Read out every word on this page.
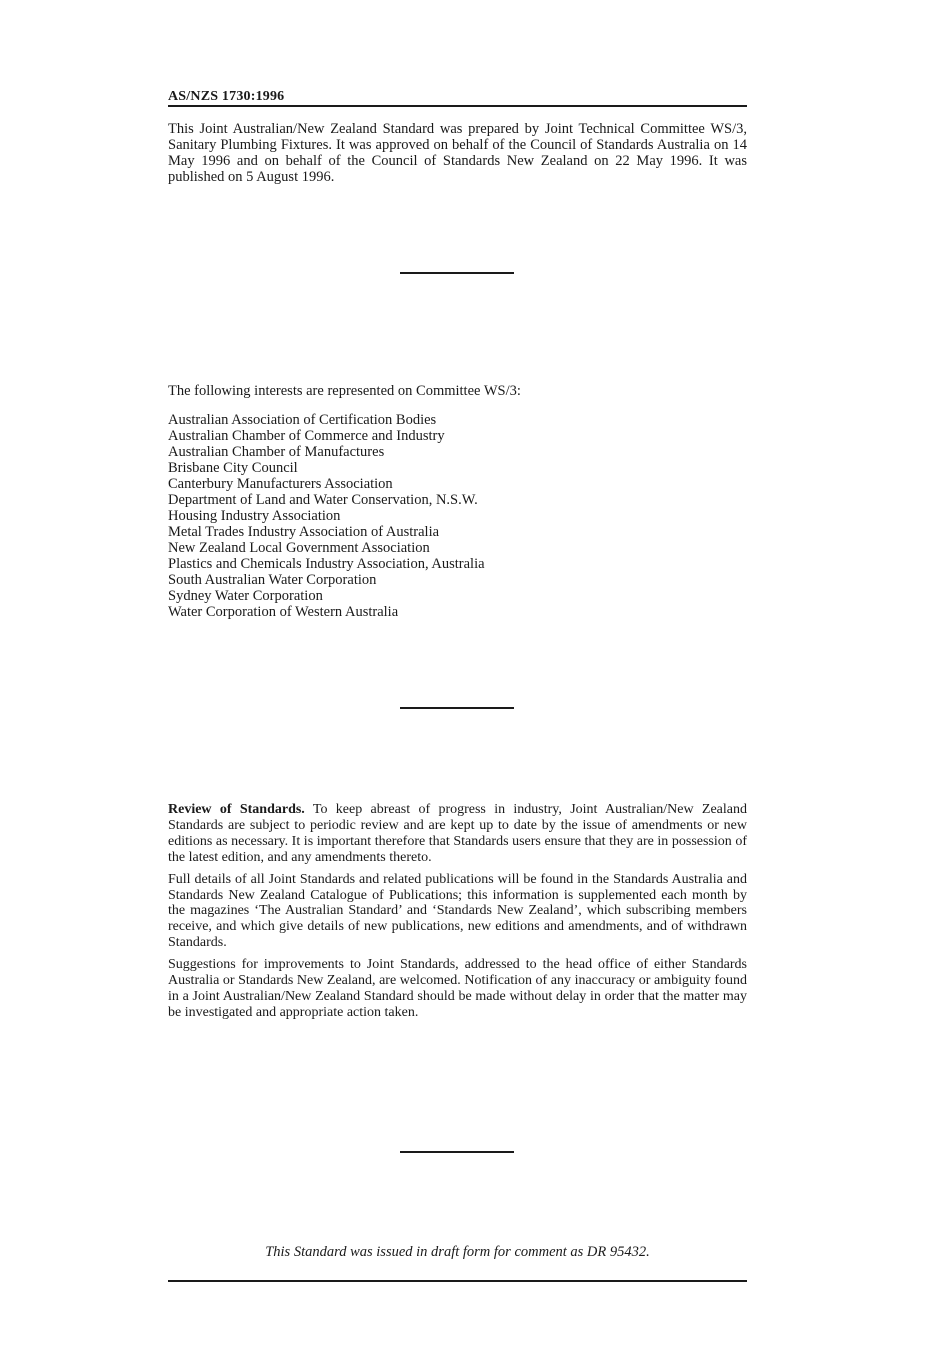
AS/NZS 1730:1996

This Joint Australian/New Zealand Standard was prepared by Joint Technical Committee WS/3, Sanitary Plumbing Fixtures. It was approved on behalf of the Council of Standards Australia on 14 May 1996 and on behalf of the Council of Standards New Zealand on 22 May 1996. It was published on 5 August 1996.

The following interests are represented on Committee WS/3:

Australian Association of Certification Bodies
Australian Chamber of Commerce and Industry
Australian Chamber of Manufactures
Brisbane City Council
Canterbury Manufacturers Association
Department of Land and Water Conservation, N.S.W.
Housing Industry Association
Metal Trades Industry Association of Australia
New Zealand Local Government Association
Plastics and Chemicals Industry Association, Australia
South Australian Water Corporation
Sydney Water Corporation
Water Corporation of Western Australia

Review of Standards. To keep abreast of progress in industry, Joint Australian/New Zealand Standards are subject to periodic review and are kept up to date by the issue of amendments or new editions as necessary. It is important therefore that Standards users ensure that they are in possession of the latest edition, and any amendments thereto.

Full details of all Joint Standards and related publications will be found in the Standards Australia and Standards New Zealand Catalogue of Publications; this information is supplemented each month by the magazines ‘The Australian Standard’ and ‘Standards New Zealand’, which subscribing members receive, and which give details of new publications, new editions and amendments, and of withdrawn Standards.

Suggestions for improvements to Joint Standards, addressed to the head office of either Standards Australia or Standards New Zealand, are welcomed. Notification of any inaccuracy or ambiguity found in a Joint Australian/New Zealand Standard should be made without delay in order that the matter may be investigated and appropriate action taken.

This Standard was issued in draft form for comment as DR 95432.
